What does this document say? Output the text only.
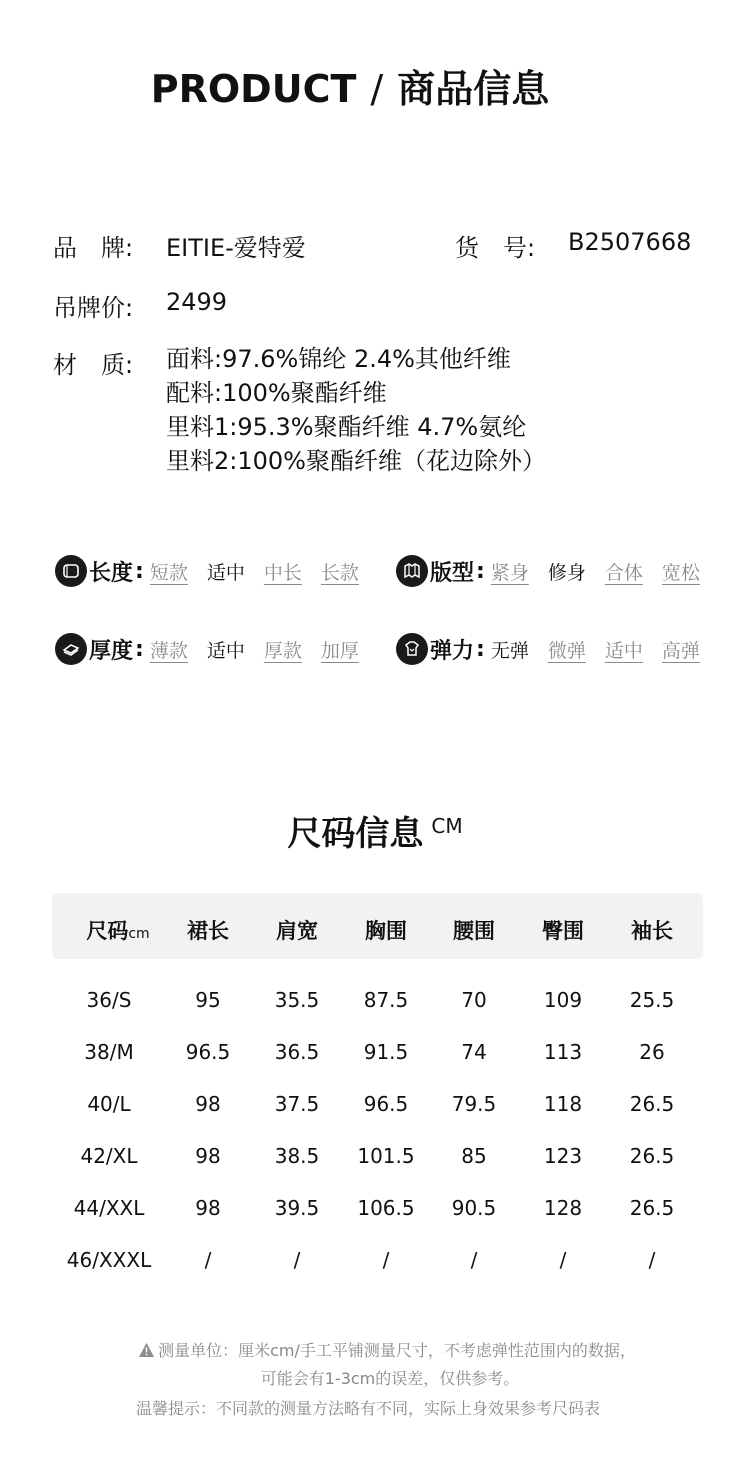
PRODUCT / 商品信息
品　牌: EITIE-爱特爱	货　号: B2507668
吊牌价: 2499
材　质: 面料:97.6%锦纶 2.4%其他纤维
配料:100%聚酯纤维
里料1:95.3%聚酯纤维 4.7%氨纶
里料2:100%聚酯纤维（花边除外）
长度 : 短款 适中 中长 长款	版型 : 紧身 修身 合体 宽松
厚度 : 薄款 适中 厚款 加厚	弹力 : 无弹 微弹 适中 高弹
尺码信息 $^{CM}$
尺码cm	裙长	肩宽	胸围	腰围	臀围	袖长
36/S	95	35.5	87.5	70	109	25.5
38/M	96.5	36.5	91.5	74	113	26
40/L	98	37.5	96.5	79.5	118	26.5
42/XL	98	38.5	101.5	85	123	26.5
44/XXL	98	39.5	106.5	90.5	128	26.5
46/XXXL	/	/	/	/	/	/
测量单位：厘米cm/手工平铺测量尺寸，不考虑弹性范围内的数据，
可能会有1-3cm的误差，仅供参考。
温馨提示：不同款的测量方法略有不同，实际上身效果参考尺码表
